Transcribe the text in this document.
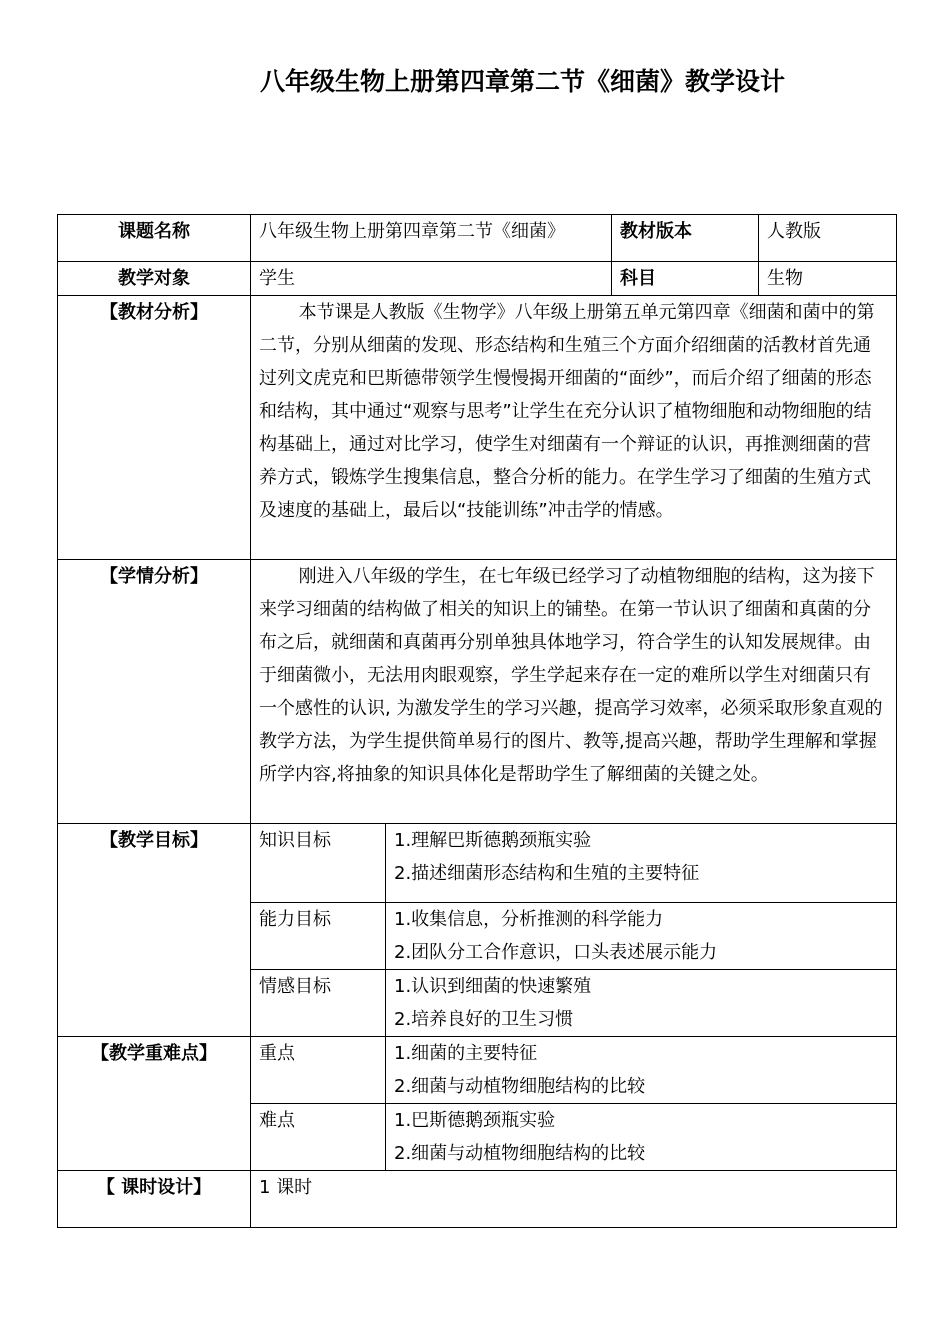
八年级生物上册第四章第二节《细菌》教学设计
课题名称	八年级生物上册第四章第二节《细菌》		教材版本	人教版
教学对象	学生		科目	生物
【教材分析】	本节课是人教版《生物学》八年级上册第五单元第四章《细菌和菌中的第二节，分别从细菌的发现、形态结构和生殖三个方面介绍细菌的活教材首先通过列文虎克和巴斯德带领学生慢慢揭开细菌的“面纱”，而后介绍了细菌的形态和结构，其中通过“观察与思考”让学生在充分认识了植物细胞和动物细胞的结构基础上，通过对比学习，使学生对细菌有一个辩证的认识，再推测细菌的营养方式，锻炼学生搜集信息，整合分析的能力。在学生学习了细菌的生殖方式及速度的基础上，最后以“技能训练”冲击学的情感。			
【学情分析】	刚进入八年级的学生，在七年级已经学习了动植物细胞的结构，这为接下来学习细菌的结构做了相关的知识上的铺垫。在第一节认识了细菌和真菌的分布之后，就细菌和真菌再分别单独具体地学习，符合学生的认知发展规律。由于细菌微小，无法用肉眼观察，学生学起来存在一定的难所以学生对细菌只有一个感性的认识, 为激发学生的学习兴趣，提高学习效率，必须采取形象直观的教学方法，为学生提供简单易行的图片、教等,提高兴趣，帮助学生理解和掌握所学内容,将抽象的知识具体化是帮助学生了解细菌的关键之处。			
【教学目标】	知识目标	1.理解巴斯德鹅颈瓶实验
2.描述细菌形态结构和生殖的主要特征		

	能力目标	1.收集信息，分析推测的科学能力
2.团队分工合作意识，口头表述展示能力		

	情感目标	1.认识到细菌的快速繁殖
2.培养良好的卫生习惯		

【教学重难点】	重点	1.细菌的主要特征
2.细菌与动植物细胞结构的比较		

	难点	1.巴斯德鹅颈瓶实验
2.细菌与动植物细胞结构的比较		

【 课时设计】	1 课时			
